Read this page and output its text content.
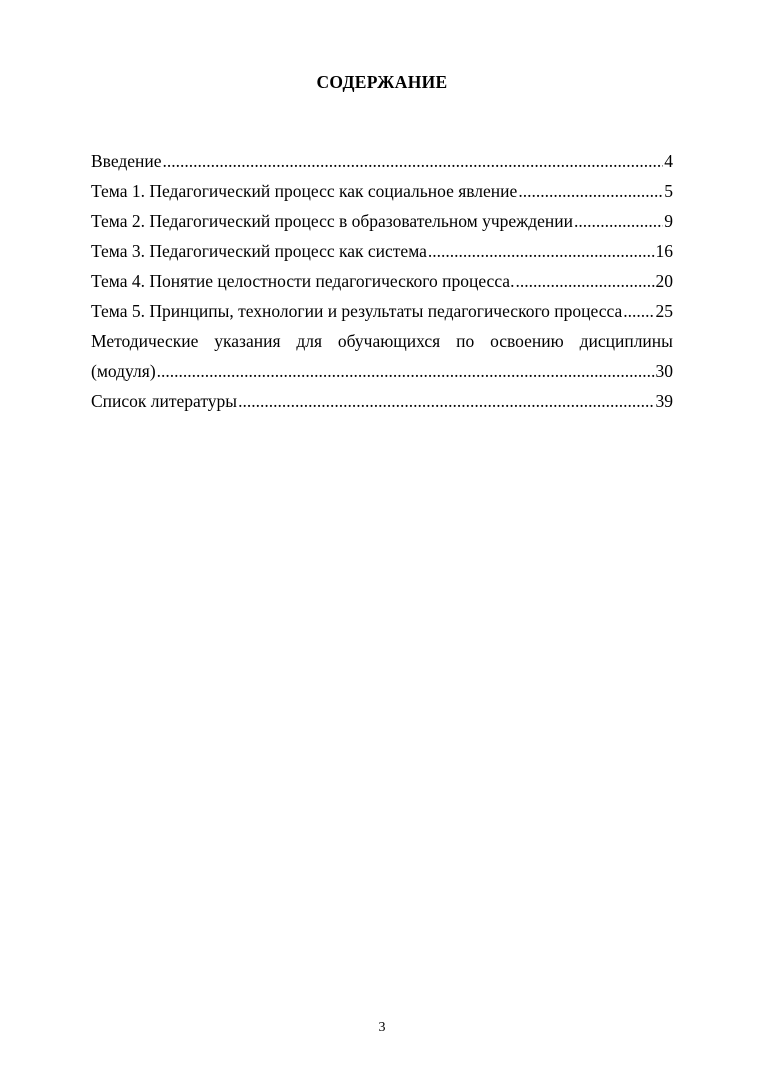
СОДЕРЖАНИЕ
Введение .....	4
Тема 1. Педагогический процесс как социальное явление .....	5
Тема 2. Педагогический процесс в образовательном учреждении .....	9
Тема 3. Педагогический процесс как система .....	16
Тема 4. Понятие целостности педагогического процесса. .....	20
Тема 5. Принципы, технологии и результаты педагогического процесса ..... 25
Методические указания для обучающихся по освоению дисциплины
(модуля) .....	30
Список литературы .....	39
3
